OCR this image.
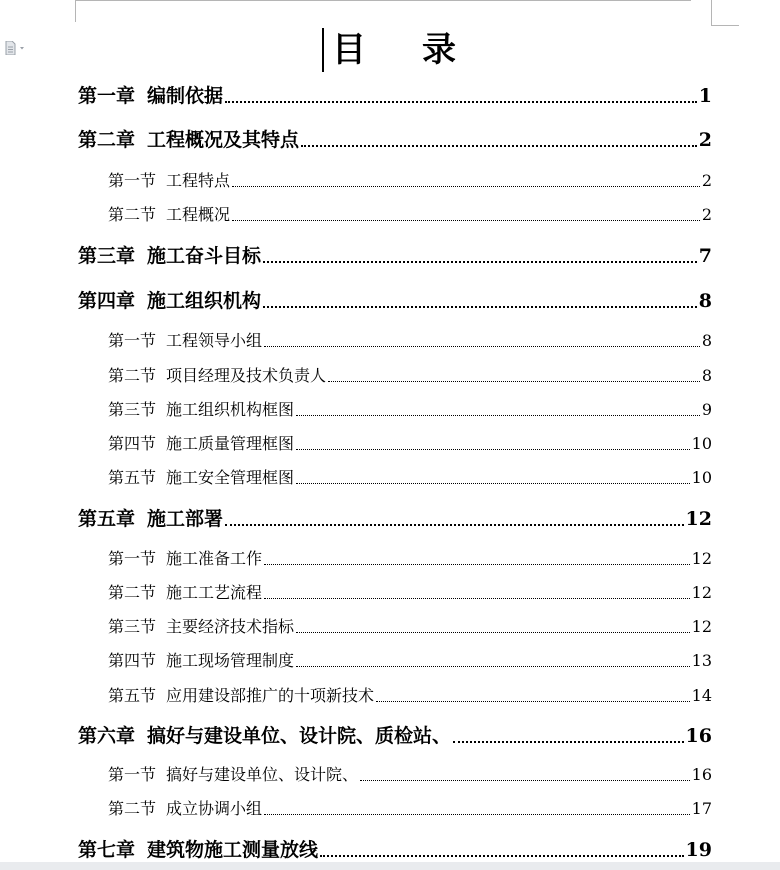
目 录
第一章 编制依据	1
第二章 工程概况及其特点	2
第一节 工程特点	2
第二节 工程概况	2
第三章 施工奋斗目标	7
第四章 施工组织机构	8
第一节 工程领导小组	8
第二节 项目经理及技术负责人	8
第三节 施工组织机构框图	9
第四节 施工质量管理框图	10
第五节 施工安全管理框图	10
第五章 施工部署	12
第一节 施工准备工作	12
第二节 施工工艺流程	12
第三节 主要经济技术指标	12
第四节 施工现场管理制度	13
第五节 应用建设部推广的十项新技术	14
第六章 搞好与建设单位、设计院、质检站、	16
第一节 搞好与建设单位、设计院、	16
第二节 成立协调小组	17
第七章 建筑物施工测量放线	19
